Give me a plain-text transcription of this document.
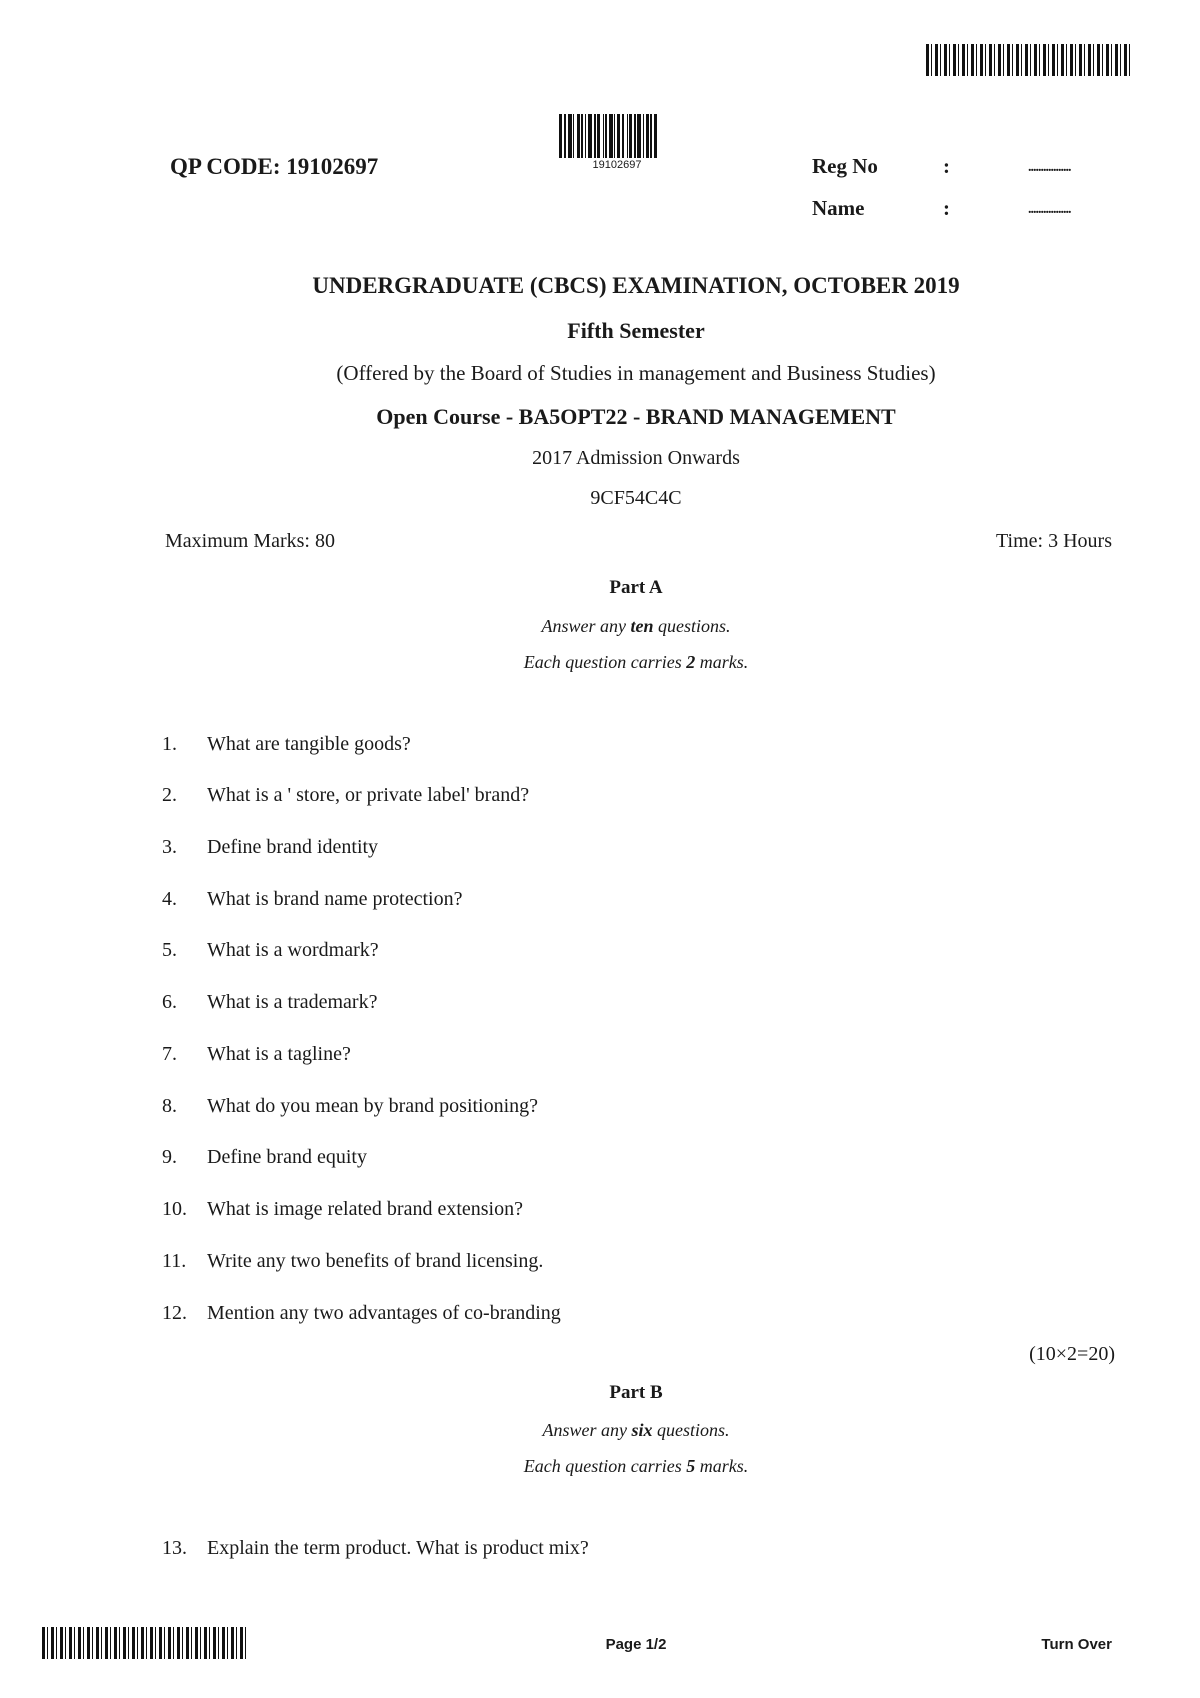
19102697
QP CODE: 19102697	Reg No	:	.................
Name	:	.................
UNDERGRADUATE (CBCS) EXAMINATION, OCTOBER 2019
Fifth Semester
(Offered by the Board of Studies in management and Business Studies)
Open Course - BA5OPT22 - BRAND MANAGEMENT
2017 Admission Onwards
9CF54C4C
Maximum Marks: 80	Time: 3 Hours
Part A
Answer any ten questions.
Each question carries 2 marks.
1. What are tangible goods?
2. What is a ' store, or private label' brand?
3. Define brand identity
4. What is brand name protection?
5. What is a wordmark?
6. What is a trademark?
7. What is a tagline?
8. What do you mean by brand positioning?
9. Define brand equity
10. What is image related brand extension?
11. Write any two benefits of brand licensing.
12. Mention any two advantages of co-branding
(10×2=20)
Part B
Answer any six questions.
Each question carries 5 marks.
13. Explain the term product. What is product mix?
Page 1/2	Turn Over
